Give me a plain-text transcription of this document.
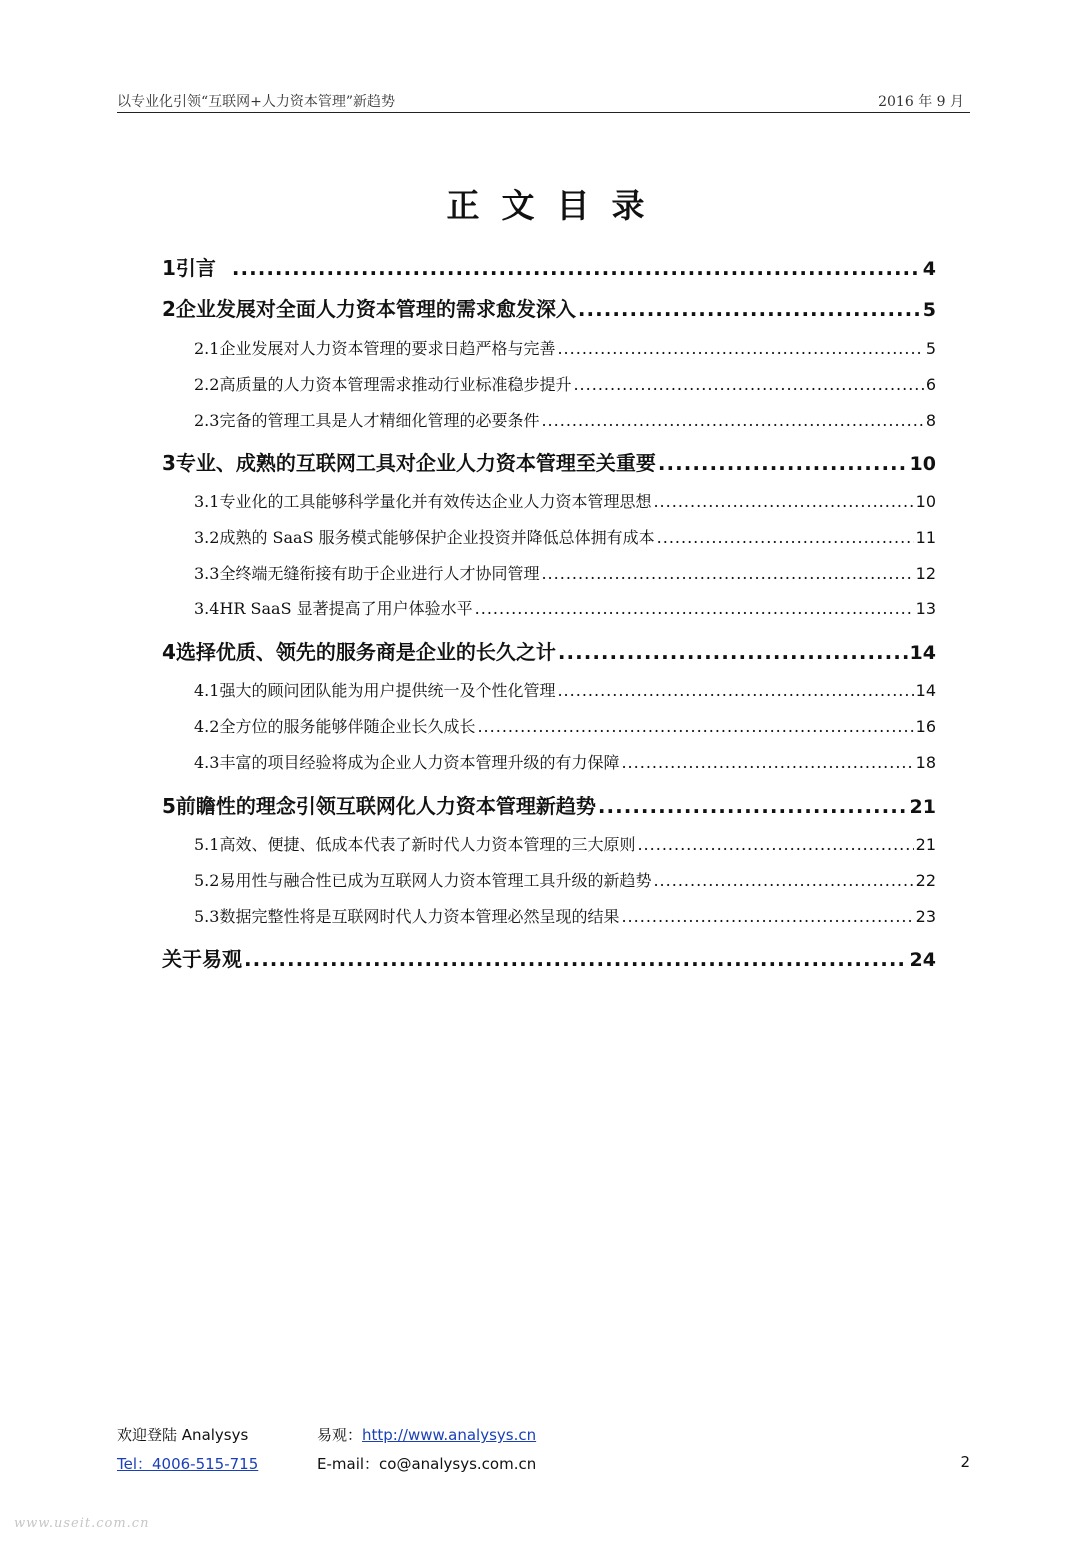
以专业化引领“互联网+人力资本管理”新趋势	2016 年 9 月
正文目录
1 引言 .....	4
2 企业发展对全面人力资本管理的需求愈发深入 .....	5
2.1 企业发展对人力资本管理的要求日趋严格与完善 .....	5
2.2 高质量的人力资本管理需求推动行业标准稳步提升 .....	6
2.3 完备的管理工具是人才精细化管理的必要条件 .....	8
3 专业、成熟的互联网工具对企业人力资本管理至关重要 .....	10
3.1 专业化的工具能够科学量化并有效传达企业人力资本管理思想 .....	10
3.2 成熟的 SaaS 服务模式能够保护企业投资并降低总体拥有成本 .....	11
3.3 全终端无缝衔接有助于企业进行人才协同管理 .....	12
3.4 HR SaaS 显著提高了用户体验水平 .....	13
4 选择优质、领先的服务商是企业的长久之计 .....	14
4.1 强大的顾问团队能为用户提供统一及个性化管理 .....	14
4.2 全方位的服务能够伴随企业长久成长 .....	16
4.3 丰富的项目经验将成为企业人力资本管理升级的有力保障 .....	18
5 前瞻性的理念引领互联网化人力资本管理新趋势 .....	21
5.1 高效、便捷、低成本代表了新时代人力资本管理的三大原则 .....	21
5.2 易用性与融合性已成为互联网人力资本管理工具升级的新趋势 .....	22
5.3 数据完整性将是互联网时代人力资本管理必然呈现的结果 .....	23
关于易观 .....	24
欢迎登陆 Analysys	易观：http://www.analysys.cn
Tel：4006-515-715	E-mail：co@analysys.com.cn	2
www.useit.com.cn
